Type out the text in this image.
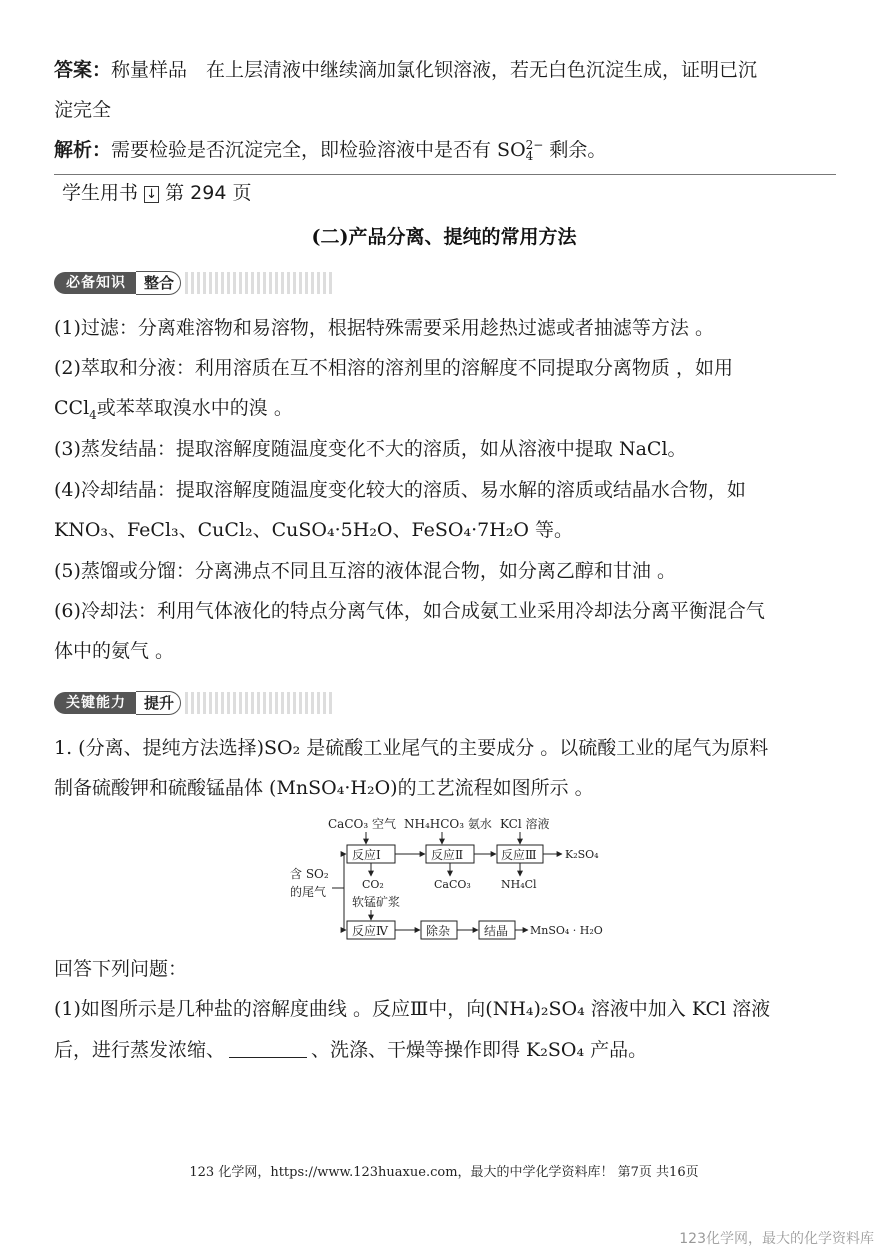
答案：称量样品　在上层清液中继续滴加氯化钡溶液，若无白色沉淀生成，证明已沉
淀完全
解析：需要检验是否沉淀完全，即检验溶液中是否有 SO 2−
4 剩余。
学生用书 ↓ 第 294 页
(二)产品分离、提纯的常用方法
必备知识	整合
(1)过滤：分离难溶物和易溶物，根据特殊需要采用趁热过滤或者抽滤等方法 。
(2)萃取和分液：利用溶质在互不相溶的溶剂里的溶解度不同提取分离物质 ，如用
CCl$_4$或苯萃取溴水中的溴 。
(3)蒸发结晶：提取溶解度随温度变化不大的溶质，如从溶液中提取 NaCl。
(4)冷却结晶：提取溶解度随温度变化较大的溶质、易水解的溶质或结晶水合物，如
KNO₃、FeCl₃、CuCl₂、CuSO₄·5H₂O、FeSO₄·7H₂O 等。
(5)蒸馏或分馏：分离沸点不同且互溶的液体混合物，如分离乙醇和甘油 。
(6)冷却法：利用气体液化的特点分离气体，如合成氨工业采用冷却法分离平衡混合气
体中的氨气 。
关键能力	提升
1. (分离、提纯方法选择)SO₂ 是硫酸工业尾气的主要成分 。以硫酸工业的尾气为原料
制备硫酸钾和硫酸锰晶体 (MnSO₄·H₂O)的工艺流程如图所示 。
CaCO₃ 空气 NH₄HCO₃ 氨水 KCl 溶液
含 SO₂
的尾气
反应Ⅰ	反应Ⅱ	反应Ⅲ	K₂SO₄
CO₂	CaCO₃	NH₄Cl
软锰矿浆
反应Ⅳ	除杂	结晶 MnSO₄ · H₂O
回答下列问题：
(1)如图所示是几种盐的溶解度曲线 。反应Ⅲ中，向(NH₄)₂SO₄ 溶液中加入 KCl 溶液
后，进行蒸发浓缩、	、洗涤、干燥等操作即得 K₂SO₄ 产品。
123 化学网，https://www.123huaxue.com，最大的中学化学资料库！ 第7页 共16页
123化学网，最大的化学资料库
